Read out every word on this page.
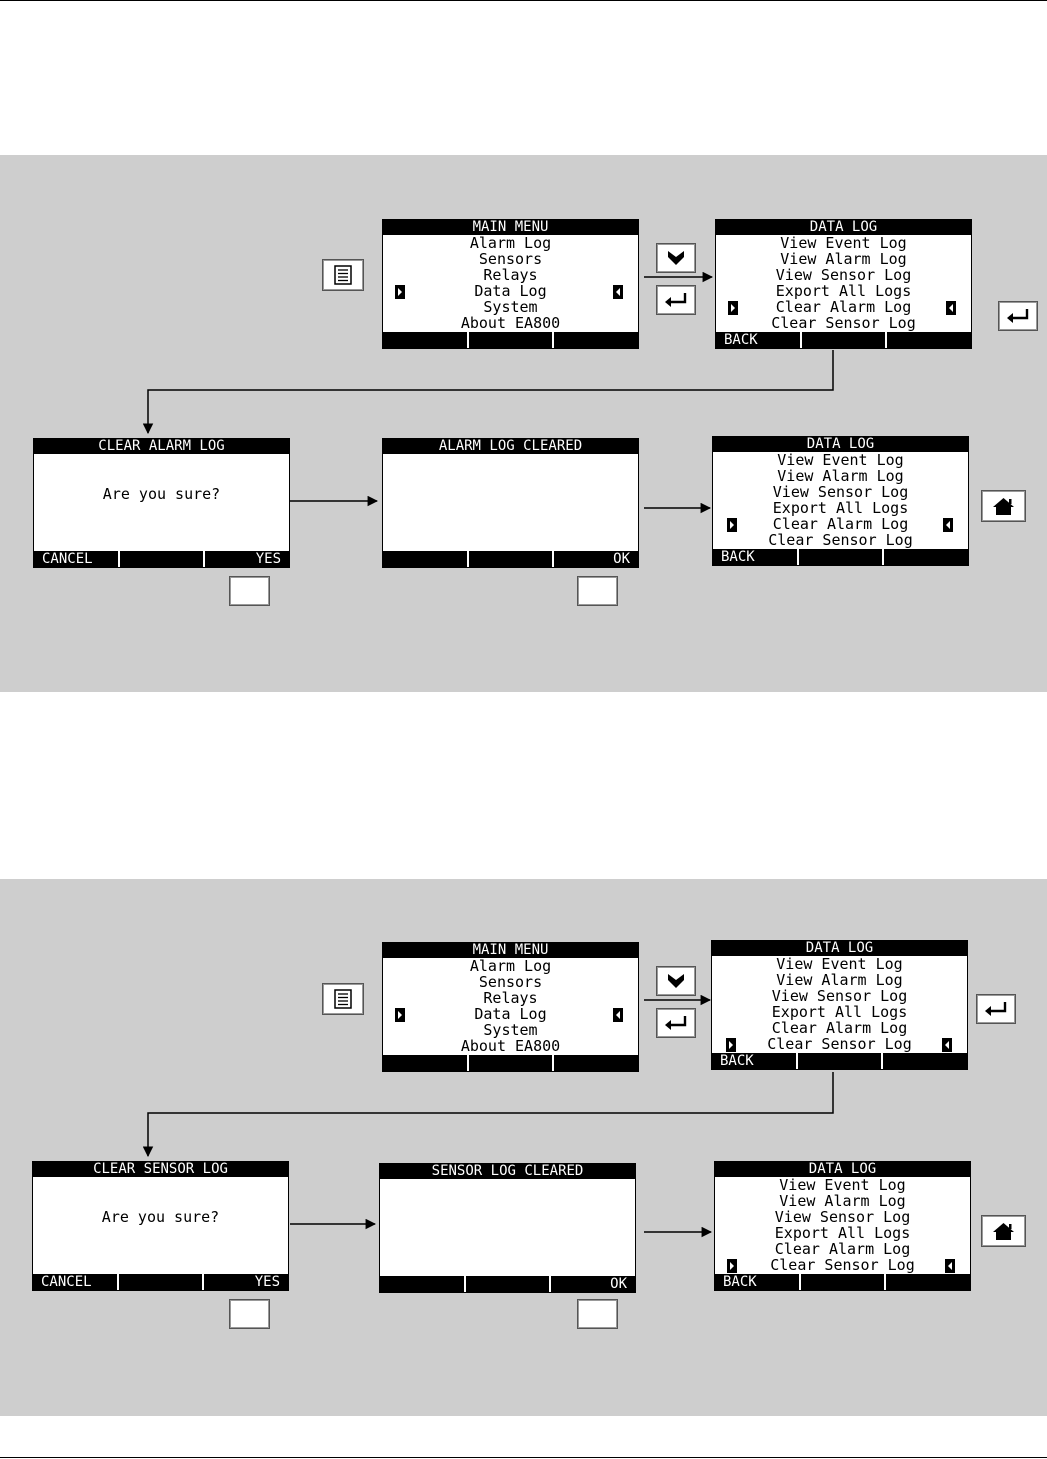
MAIN MENU
Alarm Log
Sensors
Relays
Data Log
System
About EA800
DATA LOG
View Event Log
View Alarm Log
View Sensor Log
Export All Logs
Clear Alarm Log
Clear Sensor Log
BACK
CLEAR ALARM LOG
Are you sure?
CANCEL	YES
ALARM LOG CLEARED
OK
DATA LOG
View Event Log
View Alarm Log
View Sensor Log
Export All Logs
Clear Alarm Log
Clear Sensor Log
BACK
MAIN MENU
Alarm Log
Sensors
Relays
Data Log
System
About EA800
DATA LOG
View Event Log
View Alarm Log
View Sensor Log
Export All Logs
Clear Alarm Log
Clear Sensor Log
BACK
CLEAR SENSOR LOG
Are you sure?
CANCEL	YES
SENSOR LOG CLEARED
OK
DATA LOG
View Event Log
View Alarm Log
View Sensor Log
Export All Logs
Clear Alarm Log
Clear Sensor Log
BACK
